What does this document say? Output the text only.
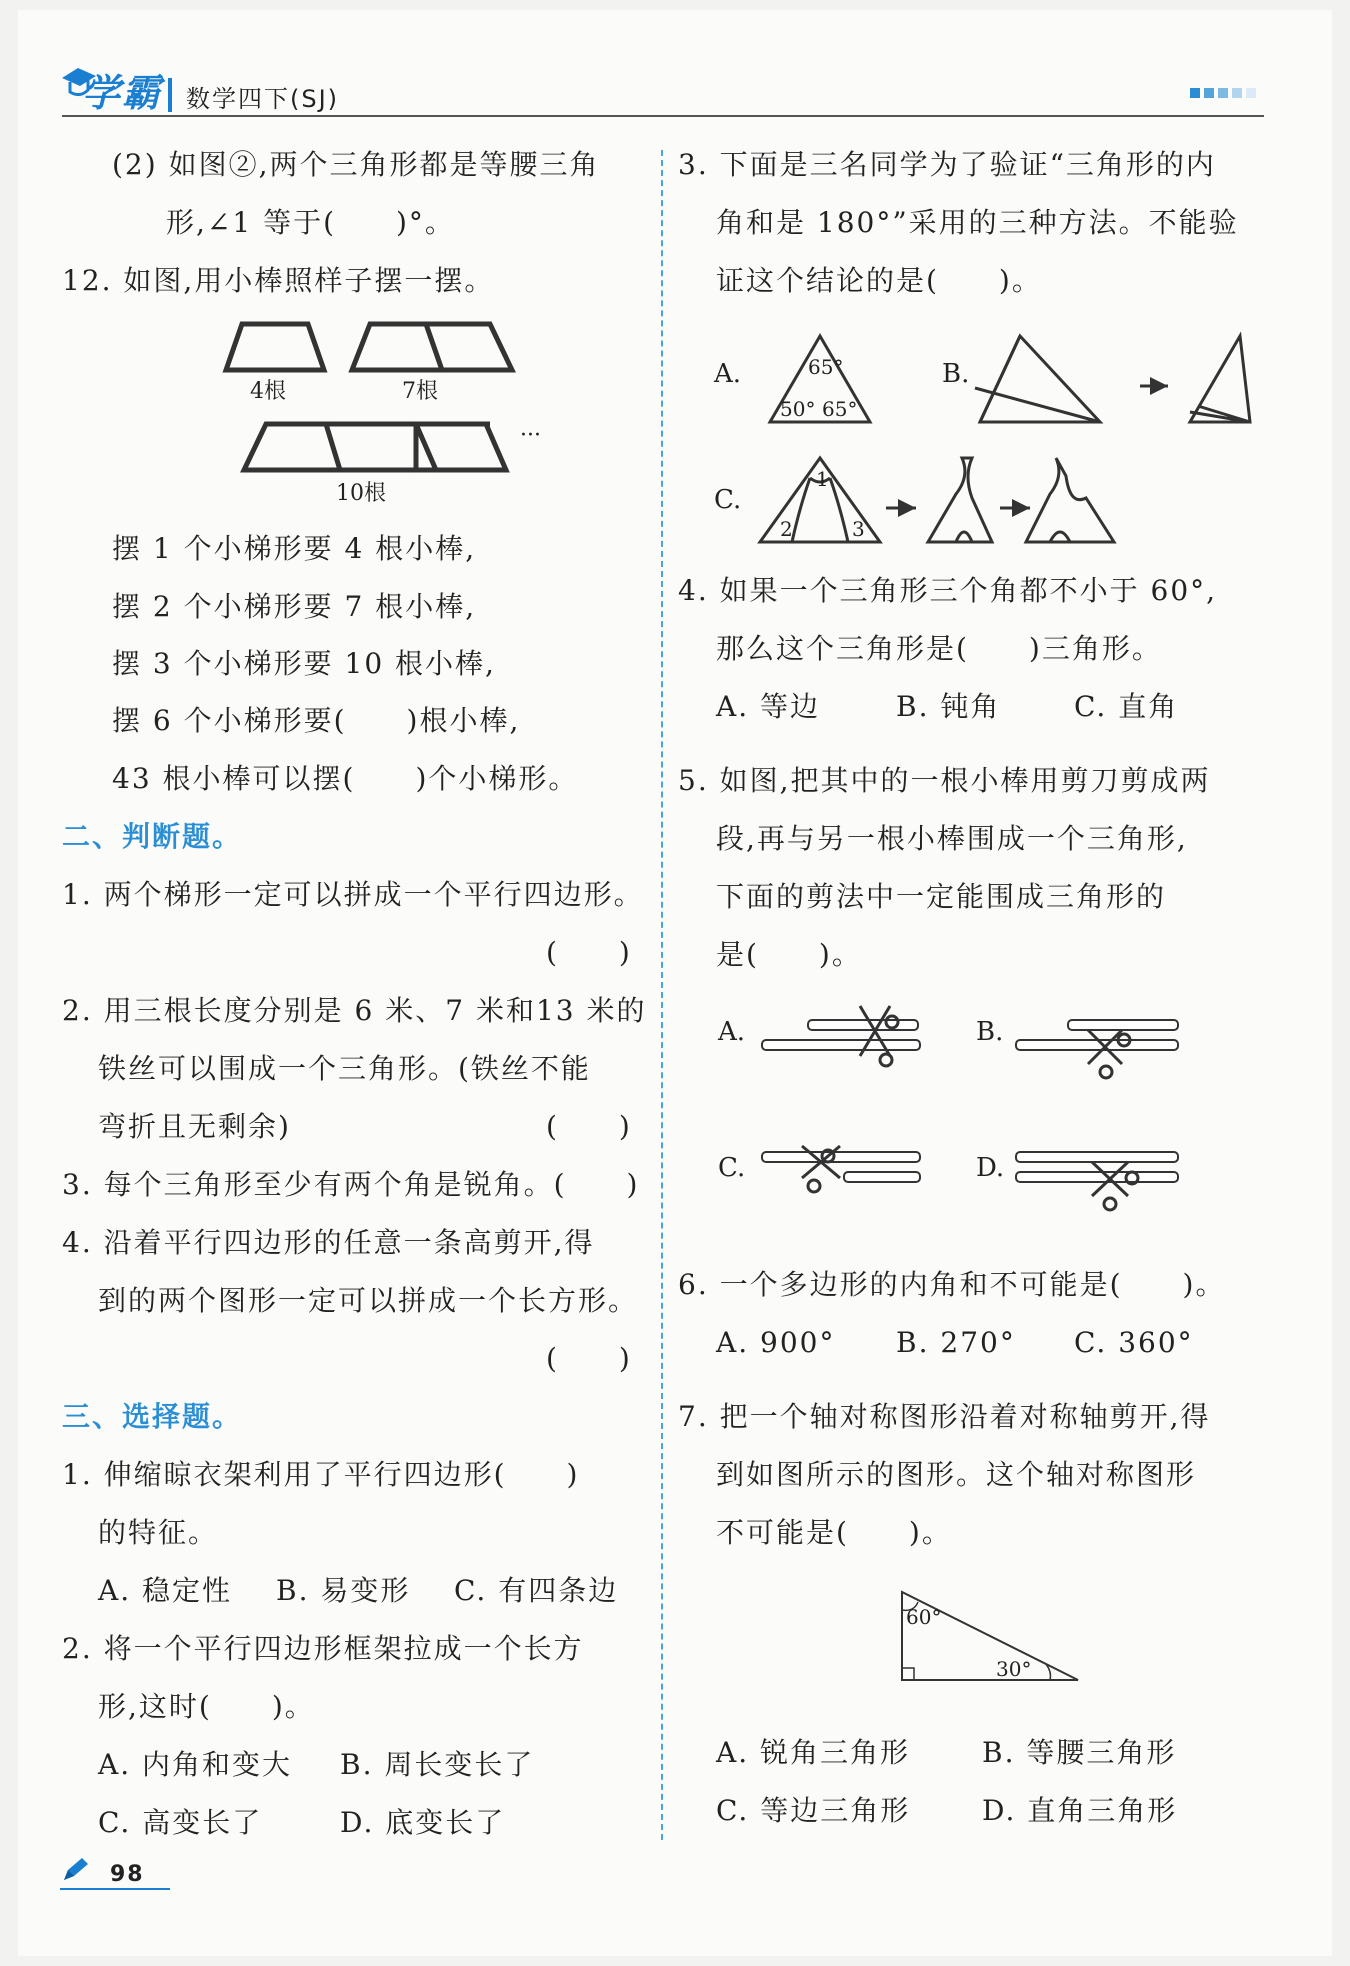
学霸 数学四下(SJ)
(2) 如图②,两个三角形都是等腰三角
形,∠1 等于(　　)°。
12. 如图,用小棒照样子摆一摆。
4根	7根
···
10根
摆 1 个小梯形要 4 根小棒,
摆 2 个小梯形要 7 根小棒,
摆 3 个小梯形要 10 根小棒,
摆 6 个小梯形要(　　)根小棒,
43 根小棒可以摆(　　)个小梯形。
二、判断题。
1. 两个梯形一定可以拼成一个平行四边形。
(　　)
2. 用三根长度分别是 6 米、7 米和13 米的
铁丝可以围成一个三角形。(铁丝不能
弯折且无剩余)	(　　)
3. 每个三角形至少有两个角是锐角。(　　)
4. 沿着平行四边形的任意一条高剪开,得
到的两个图形一定可以拼成一个长方形。
(　　)
三、选择题。
1. 伸缩晾衣架利用了平行四边形(　　)
的特征。
A. 稳定性 B. 易变形 C. 有四条边
2. 将一个平行四边形框架拉成一个长方
形,这时(　　)。
A. 内角和变大 B. 周长变长了
C. 高变长了	D. 底变长了
3. 下面是三名同学为了验证“三角形的内
角和是 180°”采用的三种方法。不能验
证这个结论的是(　　)。
A.	65°
50° 65°
B.
C.
1
2	3
4. 如果一个三角形三个角都不小于 60°,
那么这个三角形是(　　)三角形。
A. 等边	B. 钝角	C. 直角
5. 如图,把其中的一根小棒用剪刀剪成两
段,再与另一根小棒围成一个三角形,
下面的剪法中一定能围成三角形的
是(　　)。
A.	B.
C.	D.
6. 一个多边形的内角和不可能是(　　)。
A. 900° B. 270° C. 360°
7. 把一个轴对称图形沿着对称轴剪开,得
到如图所示的图形。这个轴对称图形
不可能是(　　)。
60°
30°
A. 锐角三角形	B. 等腰三角形
C. 等边三角形	D. 直角三角形
98
